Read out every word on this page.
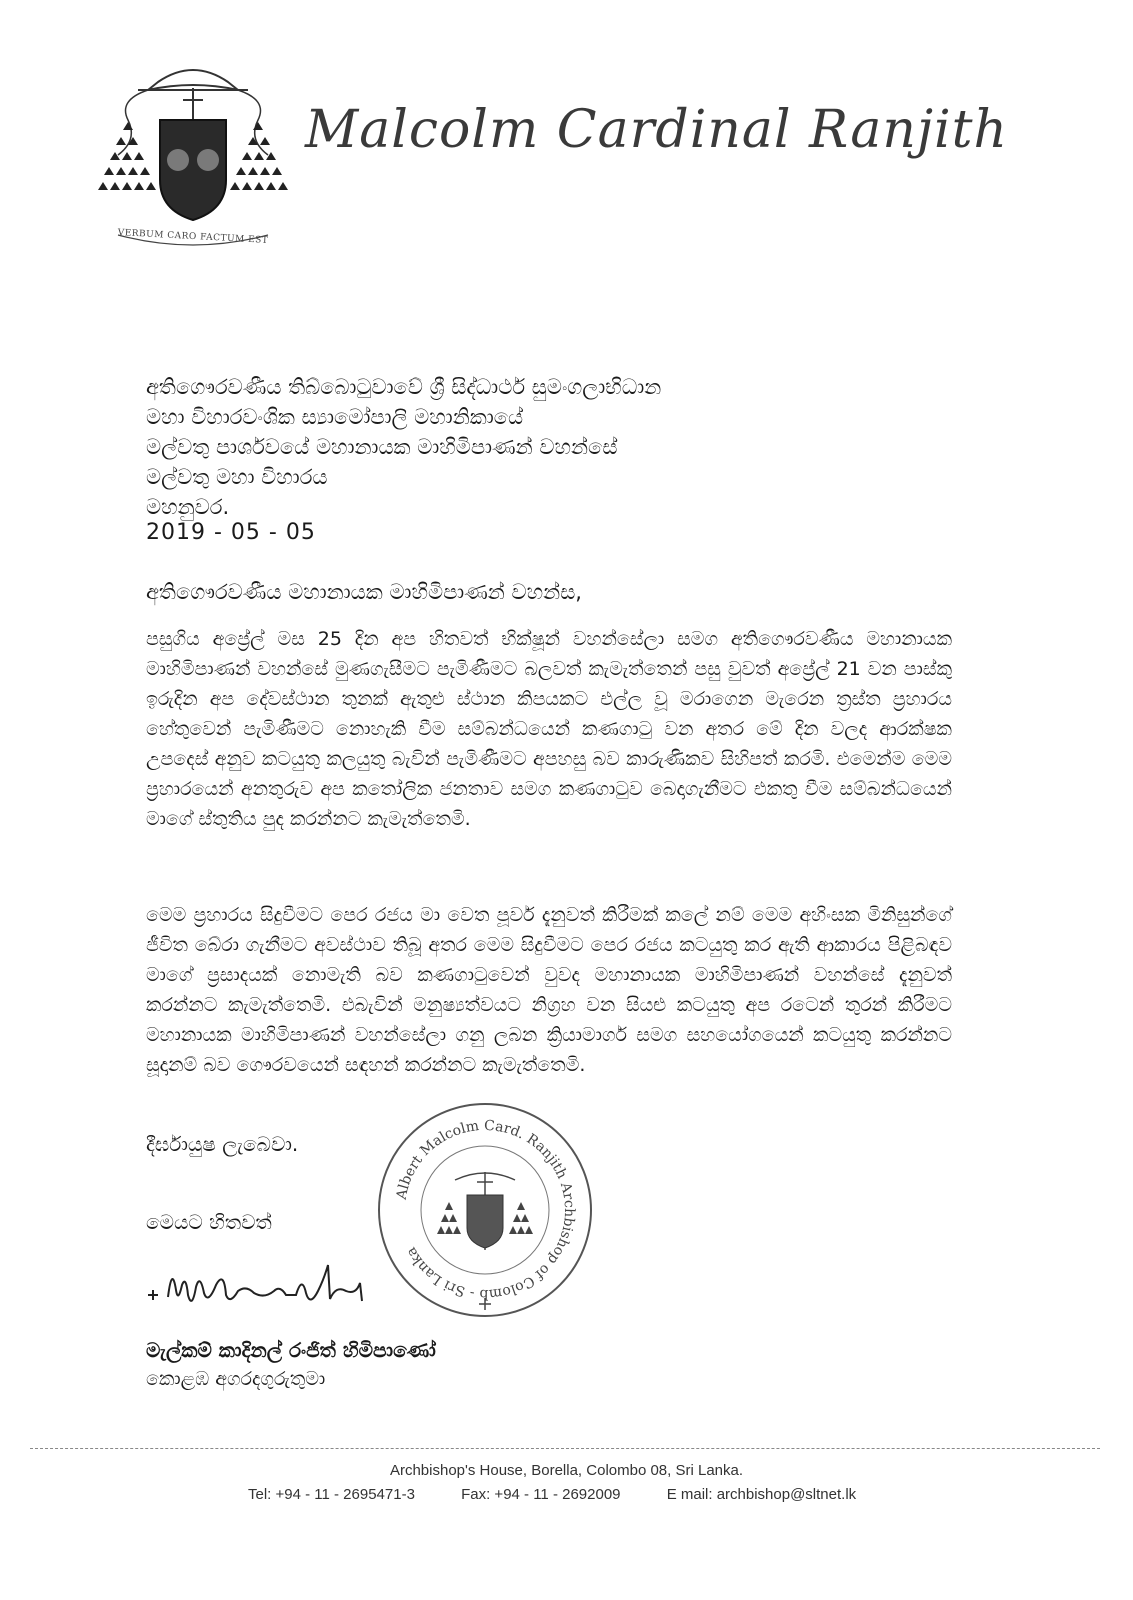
VERBUM CARO FACTUM EST
Malcolm Cardinal Ranjith
අතිගෞරවණීය තිබ්බොටුවාවේ ශ්‍රී සිද්ධාර්ථ සුමංගලාභිධාන
මහා විහාරවංශික ස්‍යාමෝපාලි මහානිකායේ
මල්වතු පාර්ශවයේ මහානායක මාහිමිපාණන් වහන්සේ
මල්වතු මහා විහාරය
මහනුවර.
2019 - 05 - 05
අතිගෞරවණීය මහානායක මාහිමිපාණන් වහන්ස,

පසුගිය අප්‍රේල් මස 25 දින අප හිතවත් භික්ෂූන් වහන්සේලා සමග අතිගෞරවණීය මහානායක මාහිමිපාණන් වහන්සේ මුණගැසීමට පැමිණීමට බලවත් කැමැත්තෙන් පසු වුවත් අප්‍රේල් 21 වන පාස්කු ඉරුදින අප දේවස්ථාන තුනක් ඇතුළු ස්ථාන කිපයකට එල්ල වූ මරාගෙන මැරෙන ත්‍රස්ත ප්‍රහාරය හේතුවෙන් පැමිණීමට නොහැකි වීම සම්බන්ධයෙන් කණගාටු වන අතර මේ දින වලද ආරක්ෂක උපදෙස් අනුව කටයුතු කලයුතු බැවින් පැමිණීමට අපහසු බව කාරුණිකව සිහිපත් කරමි. එමෙන්ම මෙම ප්‍රහාරයෙන් අනතුරුව අප කතෝලික ජනතාව සමග කණගාටුව බෙදාගැනීමට එකතු වීම සම්බන්ධයෙන් මාගේ ස්තුතිය පුද කරන්නට කැමැත්තෙමි.

මෙම ප්‍රහාරය සිදුවීමට පෙර රජය මා වෙත පූර්ව දැනුවත් කිරීමක් කලේ නම් මෙම අහිංසක මිනිසුන්ගේ ජීවිත බේරා ගැනීමට අවස්ථාව තිබූ අතර මෙම සිදුවීමට පෙර රජය කටයුතු කර ඇති ආකාරය පිළිබඳව මාගේ ප්‍රසාදයක් නොමැති බව කණගාටුවෙන් වුවද මහානායක මාහිමිපාණන් වහන්සේ දැනුවත් කරන්නට කැමැත්තෙමි. එබැවින් මනුෂ්‍යත්වයට නිග්‍රහ වන සියළු කටයුතු අප රටෙන් තුරන් කිරීමට මහානායක මාහිමිපාණන් වහන්සේලා ගනු ලබන ක්‍රියාමාර්ග සමග සහයෝගයෙන් කටයුතු කරන්නට සූදානම් බව ගෞරවයෙන් සඳහන් කරන්නට කැමැත්තෙමි.

දීර්ඝායුෂ ලැබෙවා.
මෙයට හිතවත්
Albert Malcolm Card. Ranjith Archbishop of Colomb - Sri Lanka
මැල්කම් කාදිනල් රංජිත් හිමිපාණෝ
කොළඹ අගරදගුරුතුමා
Archbishop's House, Borella, Colombo 08, Sri Lanka.
Tel: +94 - 11 - 2695471-3	Fax: +94 - 11 - 2692009	E mail: archbishop@sltnet.lk
